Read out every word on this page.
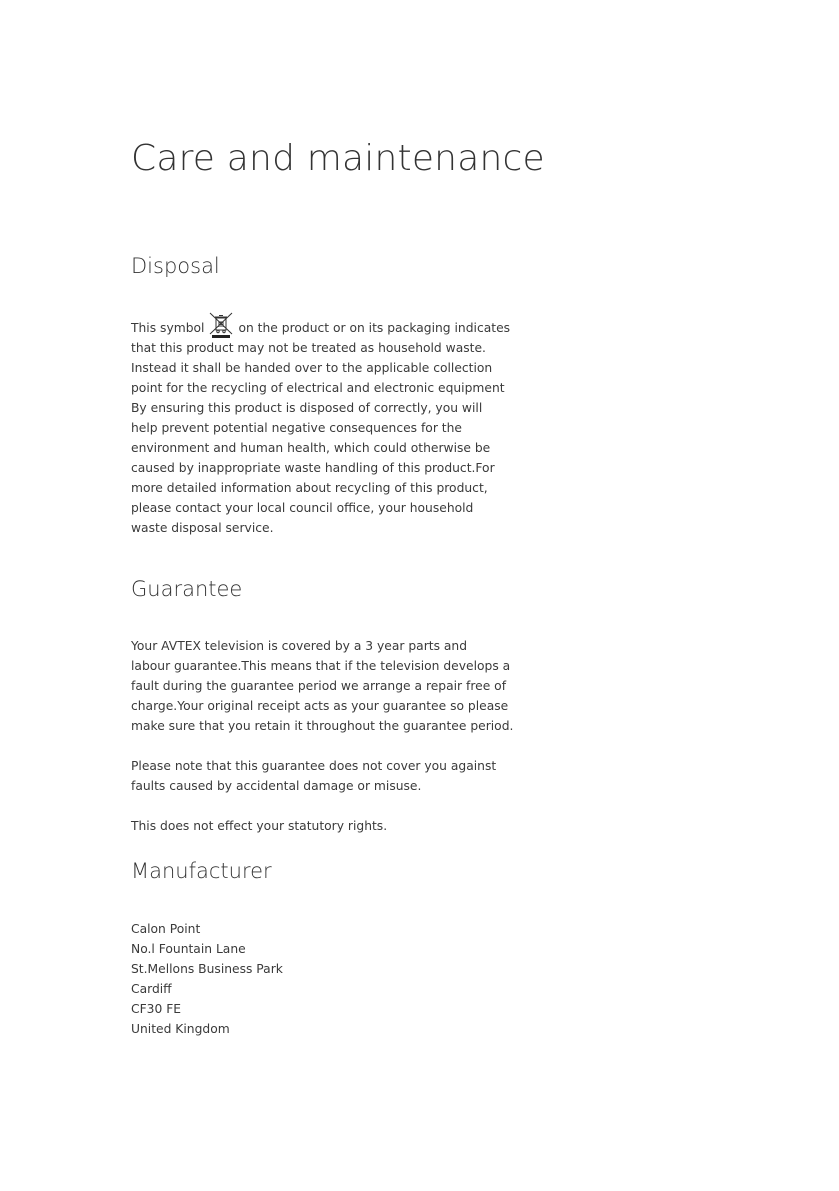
Care and maintenance
Disposal
This symbol	on the product or on its packaging indicates
that this product may not be treated as household waste.
Instead it shall be handed over to the applicable collection
point for the recycling of electrical and electronic equipment
By ensuring this product is disposed of correctly, you will
help prevent potential negative consequences for the
environment and human health, which could otherwise be
caused by inappropriate waste handling of this product.For
more detailed information about recycling of this product,
please contact your local council office, your household
waste disposal service.
Guarantee
Your AVTEX television is covered by a 3 year parts and
labour guarantee.This means that if the television develops a
fault during the guarantee period we arrange a repair free of
charge.Your original receipt acts as your guarantee so please
make sure that you retain it throughout the guarantee period.
Please note that this guarantee does not cover you against
faults caused by accidental damage or misuse.
This does not effect your statutory rights.
Manufacturer
Calon Point
No.l Fountain Lane
St.Mellons Business Park
Cardiff
CF30 FE
United Kingdom
